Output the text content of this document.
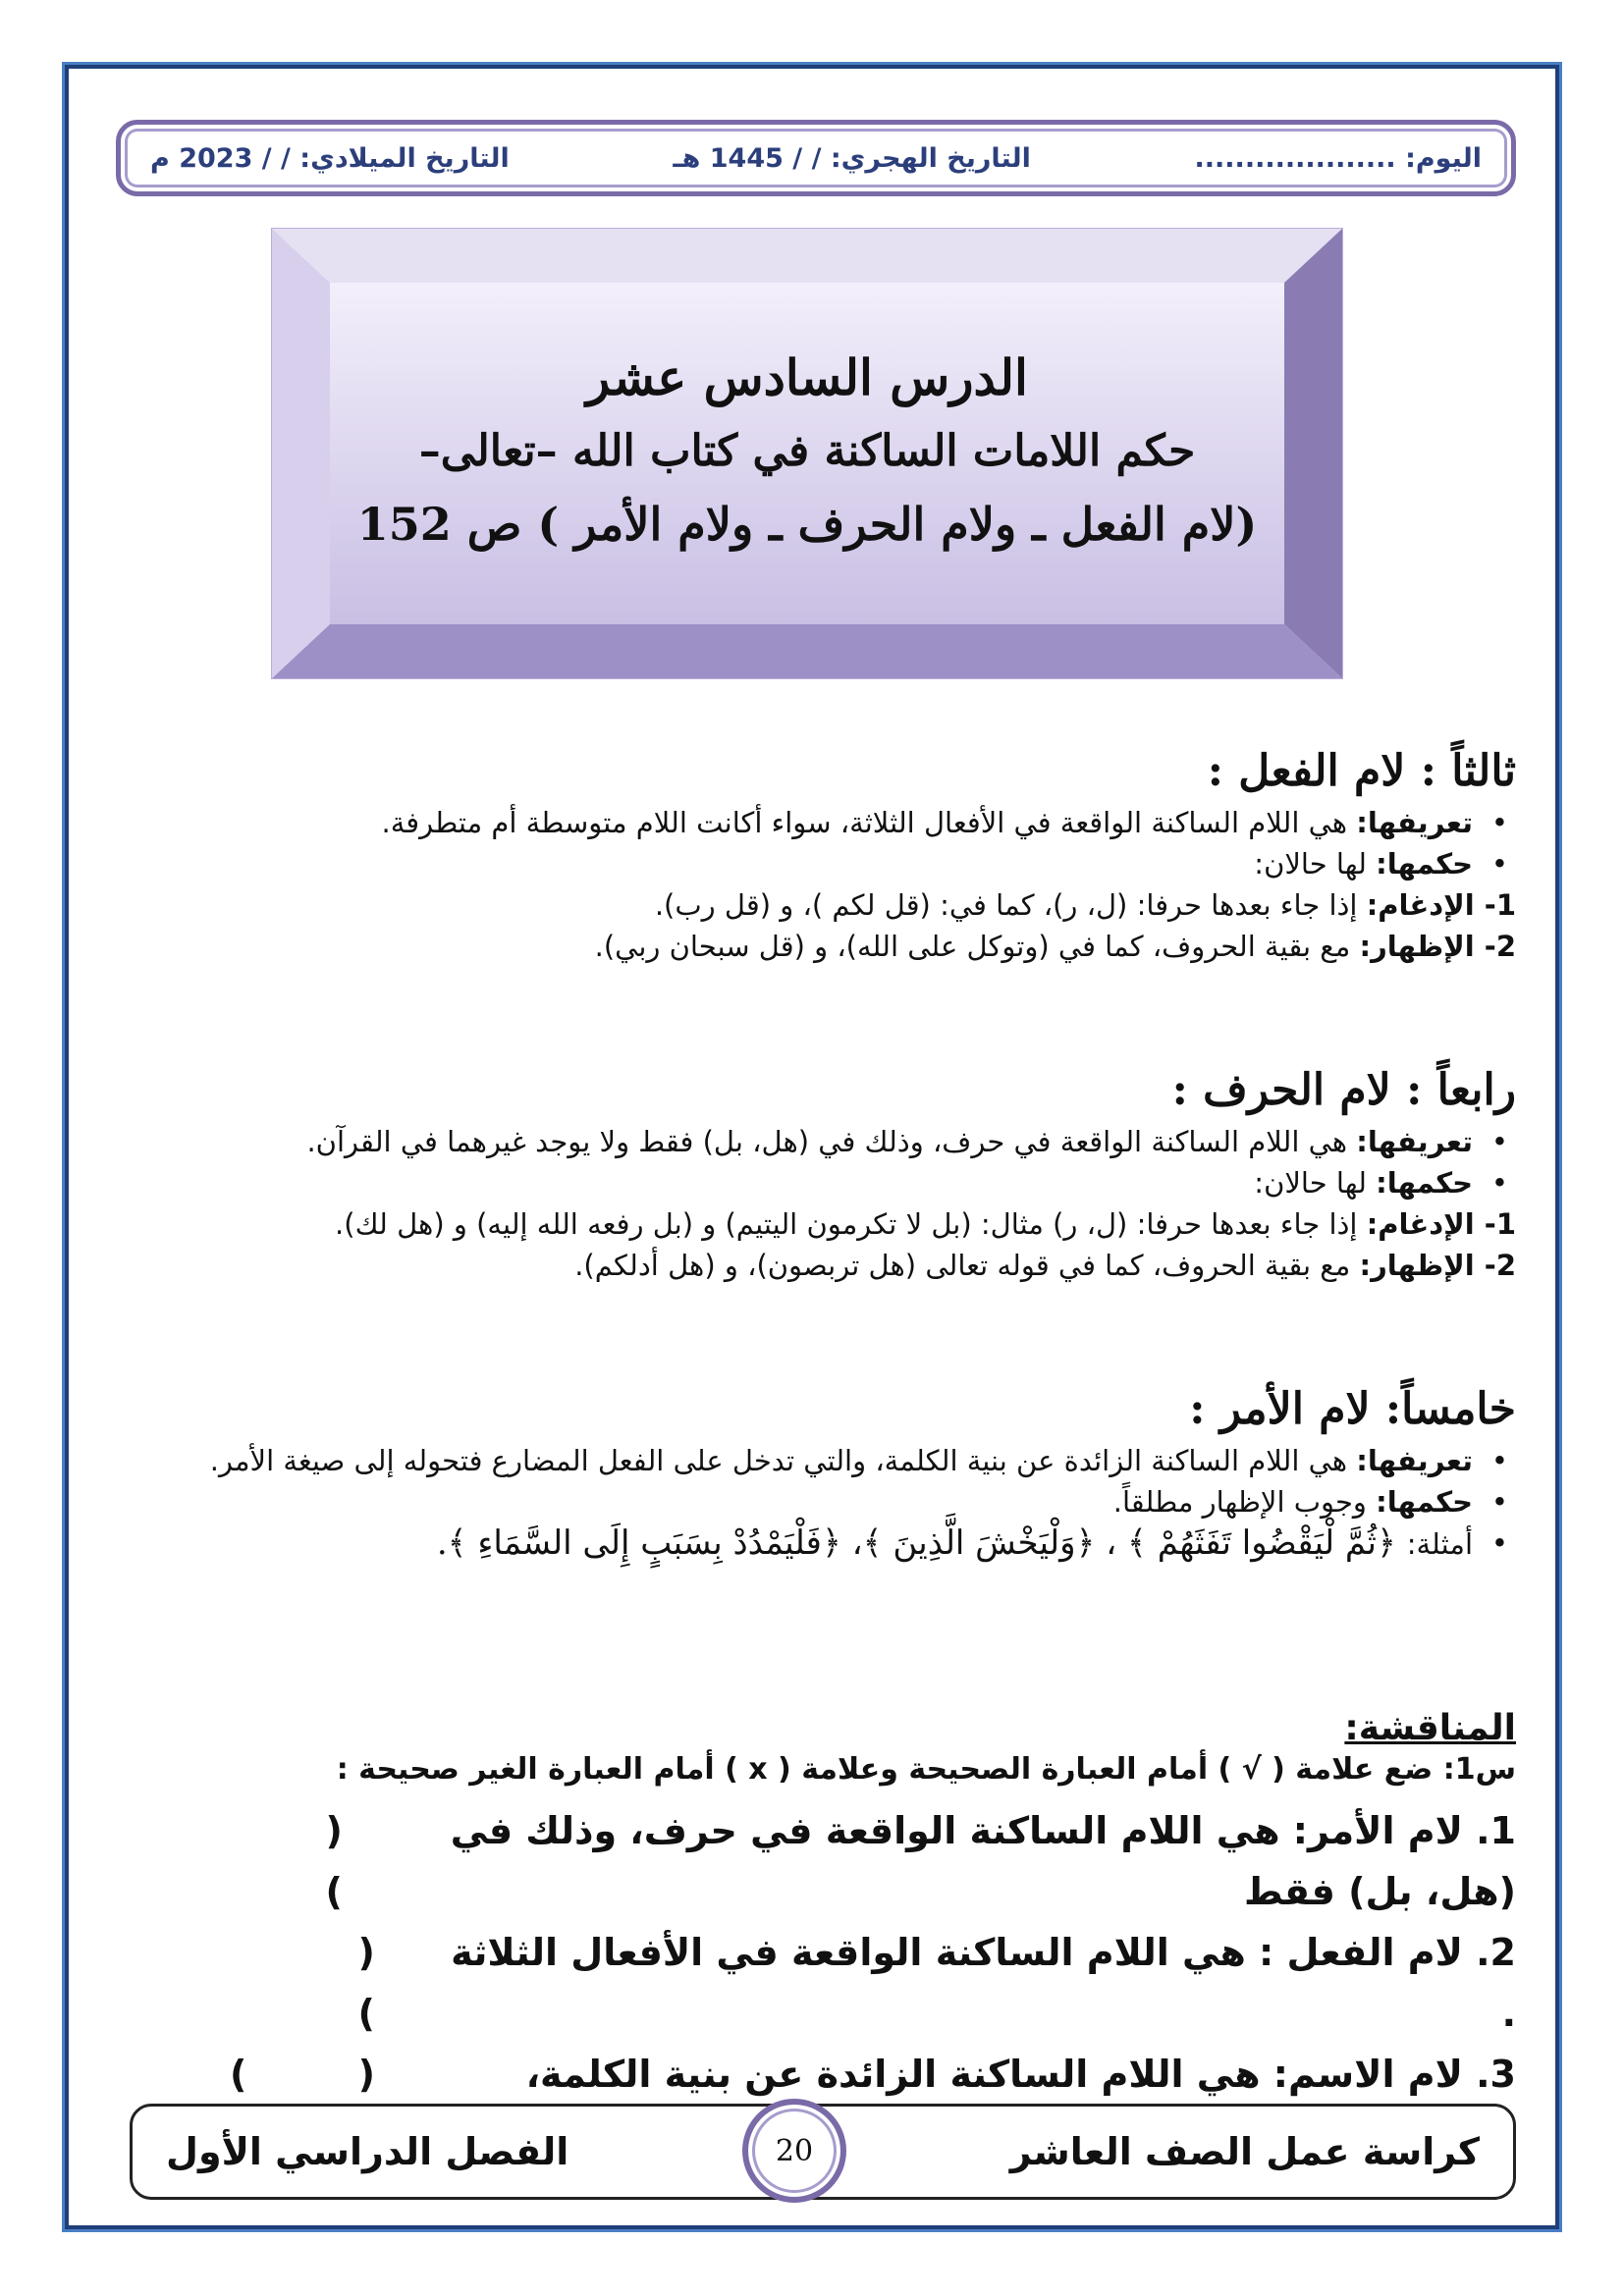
اليوم: ....................
التاريخ الهجري: / / 1445 هـ
التاريخ الميلادي: / / 2023 م
الدرس السادس عشر
حكم اللامات الساكنة في كتاب الله –تعالى–
(لام الفعل ـ ولام الحرف ـ ولام الأمر ) ص 152
ثالثاً : لام الفعل :
• تعريفها: هي اللام الساكنة الواقعة في الأفعال الثلاثة، سواء أكانت اللام متوسطة أم متطرفة.
• حكمها: لها حالان:
1- الإدغام: إذا جاء بعدها حرفا: (ل، ر)، كما في: (قل لكم )، و (قل رب).
2- الإظهار: مع بقية الحروف، كما في (وتوكل على الله)، و (قل سبحان ربي).
رابعاً : لام الحرف :
• تعريفها: هي اللام الساكنة الواقعة في حرف، وذلك في (هل، بل) فقط ولا يوجد غيرهما في القرآن.
• حكمها: لها حالان:
1- الإدغام: إذا جاء بعدها حرفا: (ل، ر) مثال: (بل لا تكرمون اليتيم) و (بل رفعه الله إليه) و (هل لك).
2- الإظهار: مع بقية الحروف، كما في قوله تعالى (هل تربصون)، و (هل أدلكم).
خامساً: لام الأمر :
• تعريفها: هي اللام الساكنة الزائدة عن بنية الكلمة، والتي تدخل على الفعل المضارع فتحوله إلى صيغة الأمر.
• حكمها: وجوب الإظهار مطلقاً.
• أمثلة: ﴿ثُمَّ لْيَقْضُوا تَفَثَهُمْ ﴾ ، ﴿وَلْيَخْشَ الَّذِينَ ﴾، ﴿فَلْيَمْدُدْ بِسَبَبٍ إِلَى السَّمَاءِ ﴾.
المناقشة:
س1: ضع علامة ( √ ) أمام العبارة الصحيحة وعلامة ( x ) أمام العبارة الغير صحيحة :
1. لام الأمر: هي اللام الساكنة الواقعة في حرف، وذلك في (هل، بل) فقط
( )
2. لام الفعل : هي اللام الساكنة الواقعة في الأفعال الثلاثة .
( )
3. لام الاسم: هي اللام الساكنة الزائدة عن بنية الكلمة،
( )
كراسة عمل الصف العاشر
الفصل الدراسي الأول	20
